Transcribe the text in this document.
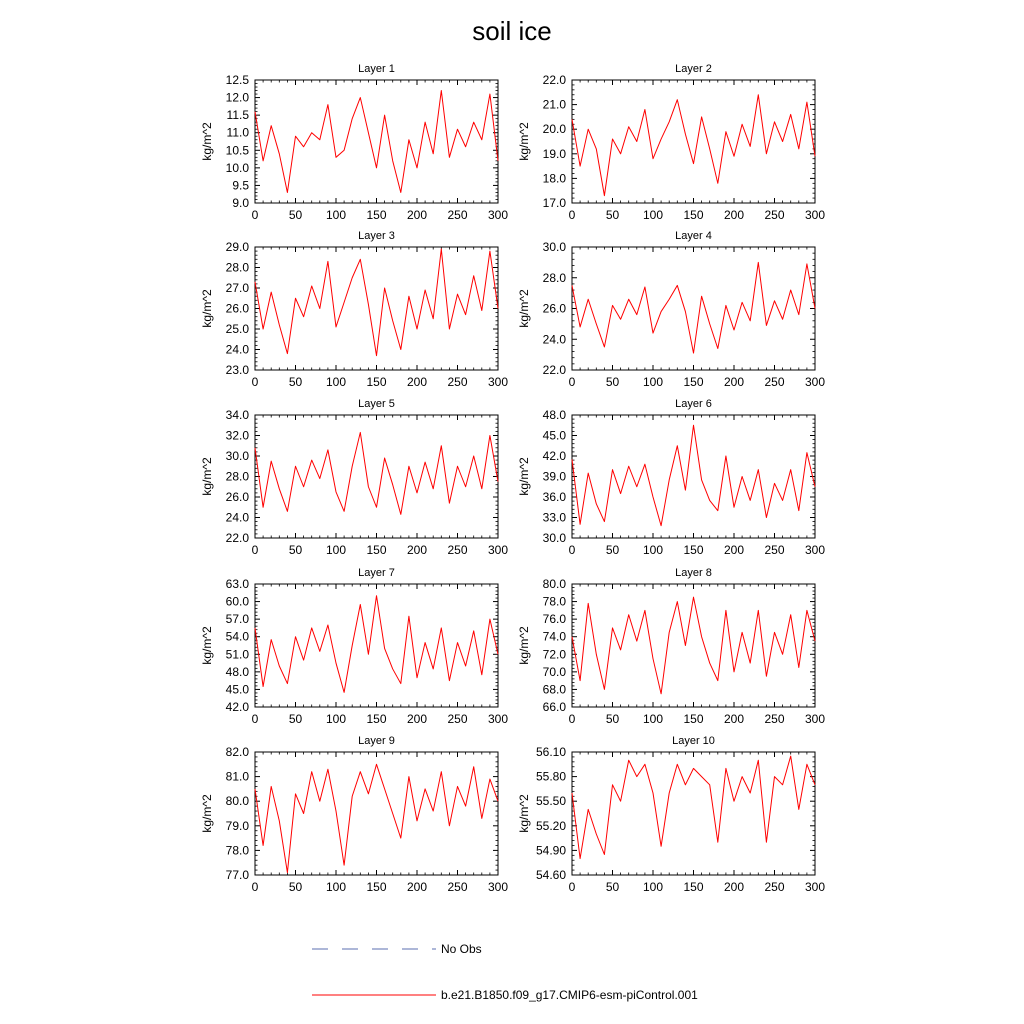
soil ice
Layer 1
kg/m^2
0	50 100 150 200 250 300
9.0
9.5
10.0
10.5
11.0
11.5
12.0
12.5
Layer 2
kg/m^2
0	50 100 150 200 250 300
17.0
18.0
19.0
20.0
21.0
22.0
Layer 3
kg/m^2
0	50 100 150 200 250 300
23.0
24.0
25.0
26.0
27.0
28.0
29.0
Layer 4
kg/m^2
0	50 100 150 200 250 300
22.0
24.0
26.0
28.0
30.0
Layer 5
kg/m^2
0	50 100 150 200 250 300
22.0
24.0
26.0
28.0
30.0
32.0
34.0
Layer 6
kg/m^2
0	50 100 150 200 250 300
30.0
33.0
36.0
39.0
42.0
45.0
48.0
Layer 7
kg/m^2
0	50 100 150 200 250 300
42.0
45.0
48.0
51.0
54.0
57.0
60.0
63.0
Layer 8
kg/m^2
0	50 100 150 200 250 300
66.0
68.0
70.0
72.0
74.0
76.0
78.0
80.0
Layer 9
kg/m^2
0	50 100 150 200 250 300
77.0
78.0
79.0
80.0
81.0
82.0
Layer 10
kg/m^2
0	50 100 150 200 250 300
54.60
54.90
55.20
55.50
55.80
56.10
No Obs
b.e21.B1850.f09_g17.CMIP6-esm-piControl.001
